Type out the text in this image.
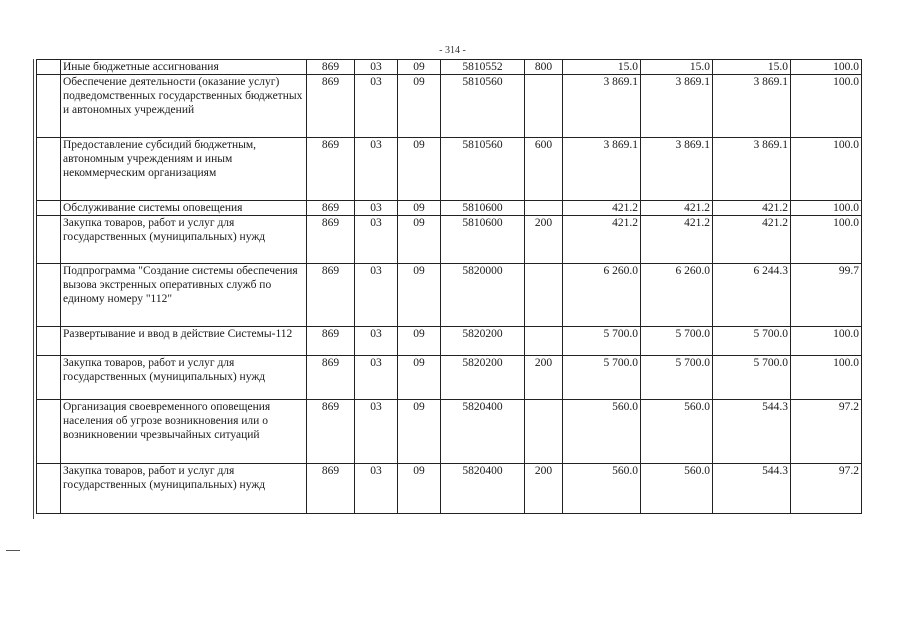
- 314 -
	Иные бюджетные ассигнования	869	03	09	5810552	800	15.0	15.0	15.0	100.0
	Обеспечение деятельности (оказание услуг) подведомственных государственных бюджетных и автономных учреждений	869	03	09	5810560		3 869.1	3 869.1	3 869.1	100.0
	Предоставление субсидий бюджетным, автономным учреждениям и иным некоммерческим организациям	869	03	09	5810560	600	3 869.1	3 869.1	3 869.1	100.0
	Обслуживание системы оповещения	869	03	09	5810600		421.2	421.2	421.2	100.0
	Закупка товаров, работ и услуг для государственных (муниципальных) нужд	869	03	09	5810600	200	421.2	421.2	421.2	100.0
	Подпрограмма "Создание системы обеспечения вызова экстренных оперативных служб по единому номеру "112"	869	03	09	5820000		6 260.0	6 260.0	6 244.3	99.7
	Развертывание и ввод в действие Системы-112	869	03	09	5820200		5 700.0	5 700.0	5 700.0	100.0
	Закупка товаров, работ и услуг для государственных (муниципальных) нужд	869	03	09	5820200	200	5 700.0	5 700.0	5 700.0	100.0
	Организация своевременного оповещения населения об угрозе возникновения или о возникновении чрезвычайных ситуаций	869	03	09	5820400		560.0	560.0	544.3	97.2
	Закупка товаров, работ и услуг для государственных (муниципальных) нужд	869	03	09	5820400	200	560.0	560.0	544.3	97.2
